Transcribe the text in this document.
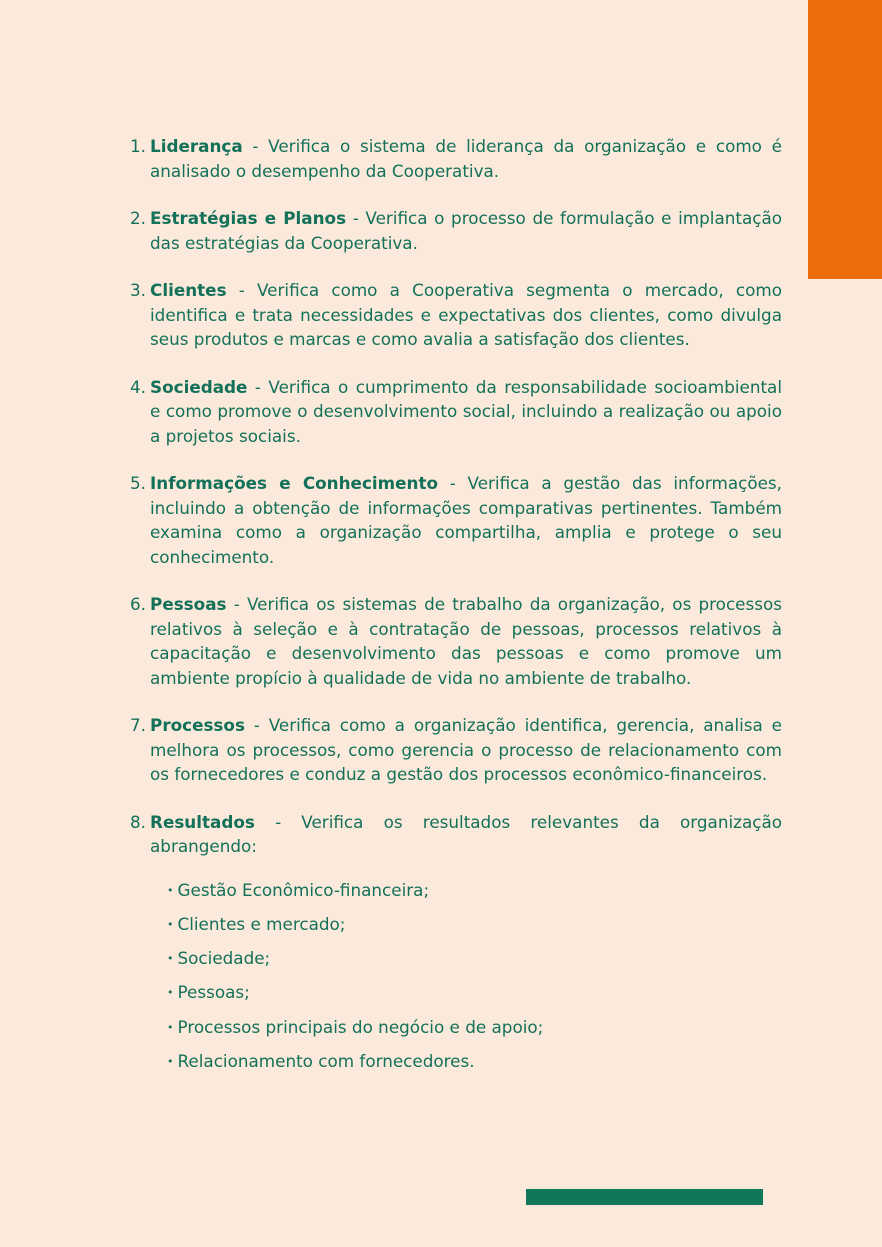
1. Liderança - Verifica o sistema de liderança da organização e como é analisado o desempenho da Cooperativa.
2. Estratégias e Planos - Verifica o processo de formulação e implantação das estratégias da Cooperativa.
3. Clientes - Verifica como a Cooperativa segmenta o mercado, como identifica e trata necessidades e expectativas dos clientes, como divulga seus produtos e marcas e como avalia a satisfação dos clientes.
4. Sociedade - Verifica o cumprimento da responsabilidade socioambiental e como promove o desenvolvimento social, incluindo a realização ou apoio a projetos sociais.
5. Informações e Conhecimento - Verifica a gestão das informações, incluindo a obtenção de informações comparativas pertinentes. Também examina como a organização compartilha, amplia e protege o seu conhecimento.
6. Pessoas - Verifica os sistemas de trabalho da organização, os processos relativos à seleção e à contratação de pessoas, processos relativos à capacitação e desenvolvimento das pessoas e como promove um ambiente propício à qualidade de vida no ambiente de trabalho.
7. Processos - Verifica como a organização identifica, gerencia, analisa e melhora os processos, como gerencia o processo de relacionamento com os fornecedores e conduz a gestão dos processos econômico-financeiros.
8. Resultados - Verifica os resultados relevantes da organização abrangendo:
• Gestão Econômico-financeira;
• Clientes e mercado;
• Sociedade;
• Pessoas;
• Processos principais do negócio e de apoio;
• Relacionamento com fornecedores.
